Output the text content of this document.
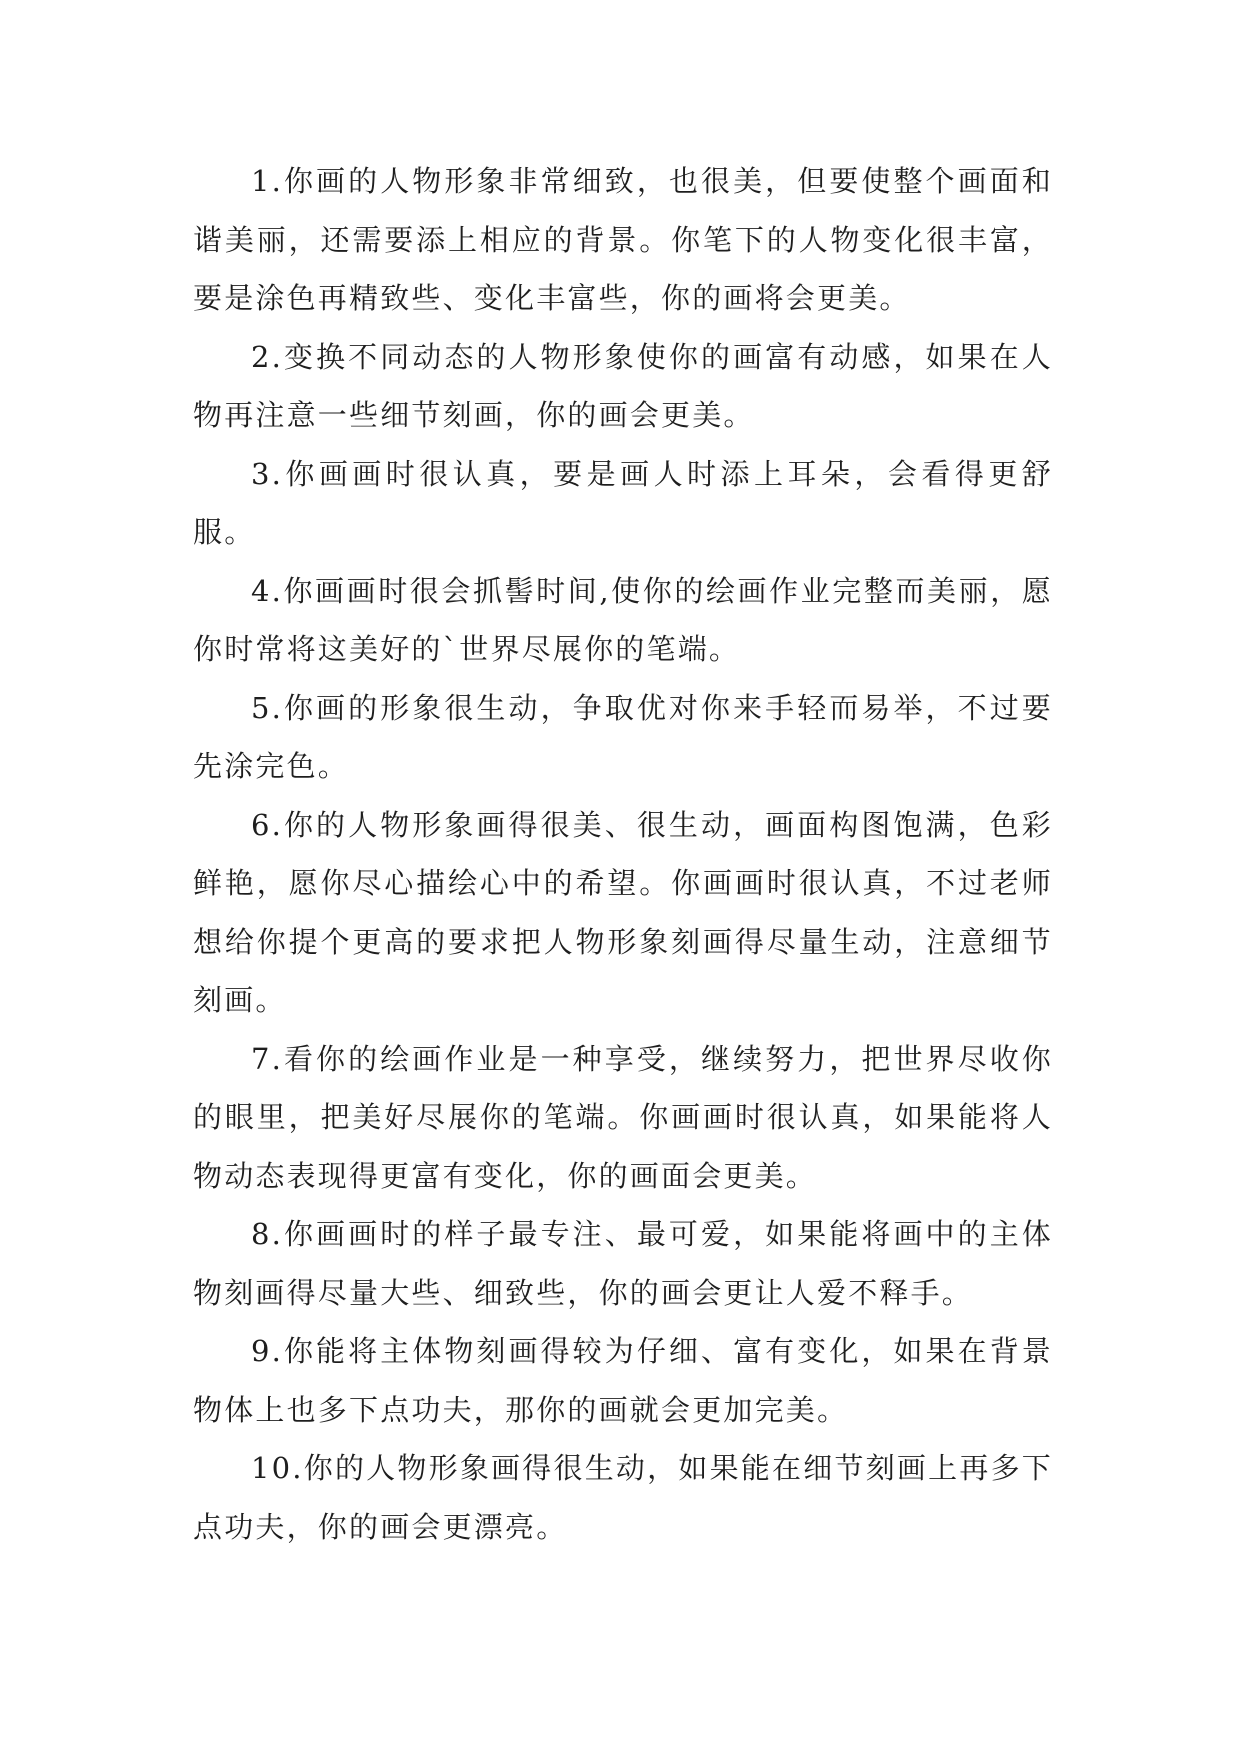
1.你画的人物形象非常细致，也很美，但要使整个画面和谐美丽，还需要添上相应的背景。你笔下的人物变化很丰富，要是涂色再精致些、变化丰富些，你的画将会更美。

2.变换不同动态的人物形象使你的画富有动感，如果在人物再注意一些细节刻画，你的画会更美。

3.你画画时很认真，要是画人时添上耳朵，会看得更舒服。

4.你画画时很会抓髻时间,使你的绘画作业完整而美丽，愿你时常将这美好的`世界尽展你的笔端。

5.你画的形象很生动，争取优对你来手轻而易举，不过要先涂完色。

6.你的人物形象画得很美、很生动，画面构图饱满，色彩鲜艳，愿你尽心描绘心中的希望。你画画时很认真，不过老师想给你提个更高的要求把人物形象刻画得尽量生动，注意细节刻画。

7.看你的绘画作业是一种享受，继续努力，把世界尽收你的眼里，把美好尽展你的笔端。你画画时很认真，如果能将人物动态表现得更富有变化，你的画面会更美。

8.你画画时的样子最专注、最可爱，如果能将画中的主体物刻画得尽量大些、细致些，你的画会更让人爱不释手。

9.你能将主体物刻画得较为仔细、富有变化，如果在背景物体上也多下点功夫，那你的画就会更加完美。

10.你的人物形象画得很生动，如果能在细节刻画上再多下点功夫，你的画会更漂亮。
